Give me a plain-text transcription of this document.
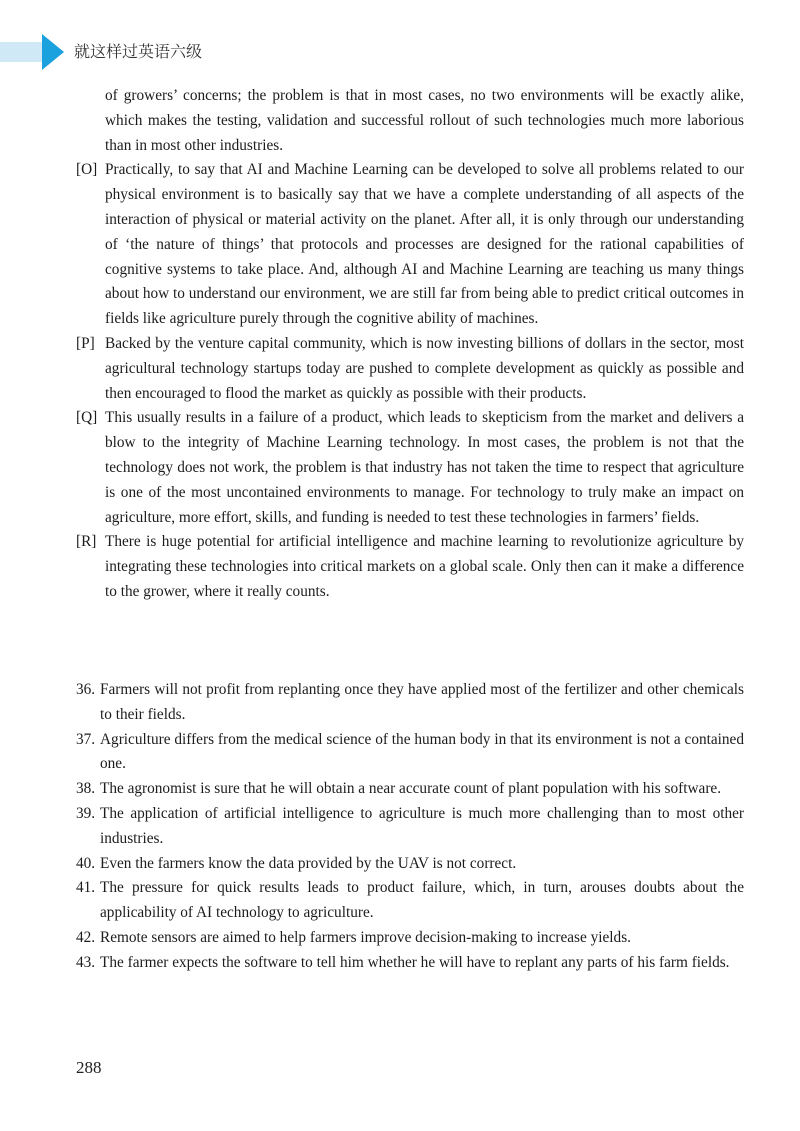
就这样过英语六级

of growers’ concerns; the problem is that in most cases, no two environments will be exactly alike, which makes the testing, validation and successful rollout of such technologies much more laborious than in most other industries.

[O] Practically, to say that AI and Machine Learning can be developed to solve all problems related to our physical environment is to basically say that we have a complete understanding of all aspects of the interaction of physical or material activity on the planet. After all, it is only through our understanding of ‘the nature of things’ that protocols and processes are designed for the rational capabilities of cognitive systems to take place. And, although AI and Machine Learning are teaching us many things about how to understand our environment, we are still far from being able to predict critical outcomes in fields like agriculture purely through the cognitive ability of machines.

[P] Backed by the venture capital community, which is now investing billions of dollars in the sector, most agricultural technology startups today are pushed to complete development as quickly as possible and then encouraged to flood the market as quickly as possible with their products.

[Q] This usually results in a failure of a product, which leads to skepticism from the market and delivers a blow to the integrity of Machine Learning technology. In most cases, the problem is not that the technology does not work, the problem is that industry has not taken the time to respect that agriculture is one of the most uncontained environments to manage. For technology to truly make an impact on agriculture, more effort, skills, and funding is needed to test these technologies in farmers’ fields.

[R] There is huge potential for artificial intelligence and machine learning to revolutionize agriculture by integrating these technologies into critical markets on a global scale. Only then can it make a difference to the grower, where it really counts.

36. Farmers will not profit from replanting once they have applied most of the fertilizer and other chemicals to their fields.

37. Agriculture differs from the medical science of the human body in that its environment is not a contained one.

38. The agronomist is sure that he will obtain a near accurate count of plant population with his software.

39. The application of artificial intelligence to agriculture is much more challenging than to most other industries.

40. Even the farmers know the data provided by the UAV is not correct.

41. The pressure for quick results leads to product failure, which, in turn, arouses doubts about the applicability of AI technology to agriculture.

42. Remote sensors are aimed to help farmers improve decision-making to increase yields.

43. The farmer expects the software to tell him whether he will have to replant any parts of his farm fields.

288
